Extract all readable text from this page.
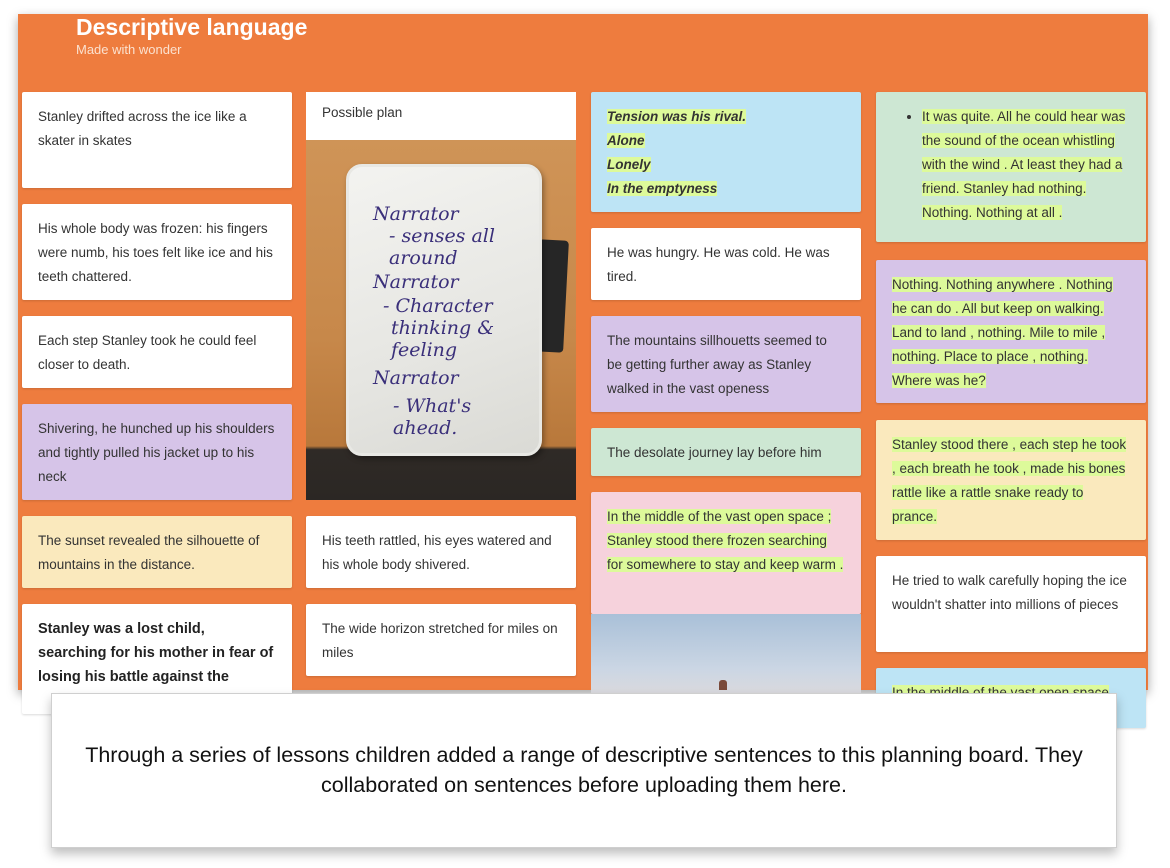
Descriptive language
Made with wonder
Stanley drifted across the ice like a skater in skates
His whole body was frozen: his fingers were numb, his toes felt like ice and his teeth chattered.
Each step Stanley took he could feel closer to death.
Shivering, he hunched up his shoulders and tightly pulled his jacket up to his neck
The sunset revealed the silhouette of mountains in the distance.
Stanley was a lost child, searching for his mother in fear of losing his battle against the
Possible plan
Narrator
- senses all around
Narrator
- Character
thinking & feeling
Narrator
- What's ahead.
His teeth rattled, his eyes watered and his whole body shivered.
The wide horizon stretched for miles on miles
Tension was his rival.
Alone
Lonely
In the emptyness
He was hungry. He was cold. He was tired.
The mountains sillhouetts seemed to be getting further away as Stanley walked in the vast openess
The desolate journey lay before him
In the middle of the vast open space ; Stanley stood there frozen searching for somewhere to stay and keep warm .
• It was quite. All he could hear was the sound of the ocean whistling with the wind . At least they had a friend. Stanley had nothing. Nothing. Nothing at all .
Nothing. Nothing anywhere . Nothing he can do . All but keep on walking. Land to land , nothing. Mile to mile , nothing. Place to place , nothing. Where was he?
Stanley stood there , each step he took , each breath he took , made his bones rattle like a rattle snake ready to prance.
He tried to walk carefully hoping the ice wouldn't shatter into millions of pieces
Through a series of lessons children added a range of descriptive sentences to this planning board. They collaborated on sentences before uploading them here.
